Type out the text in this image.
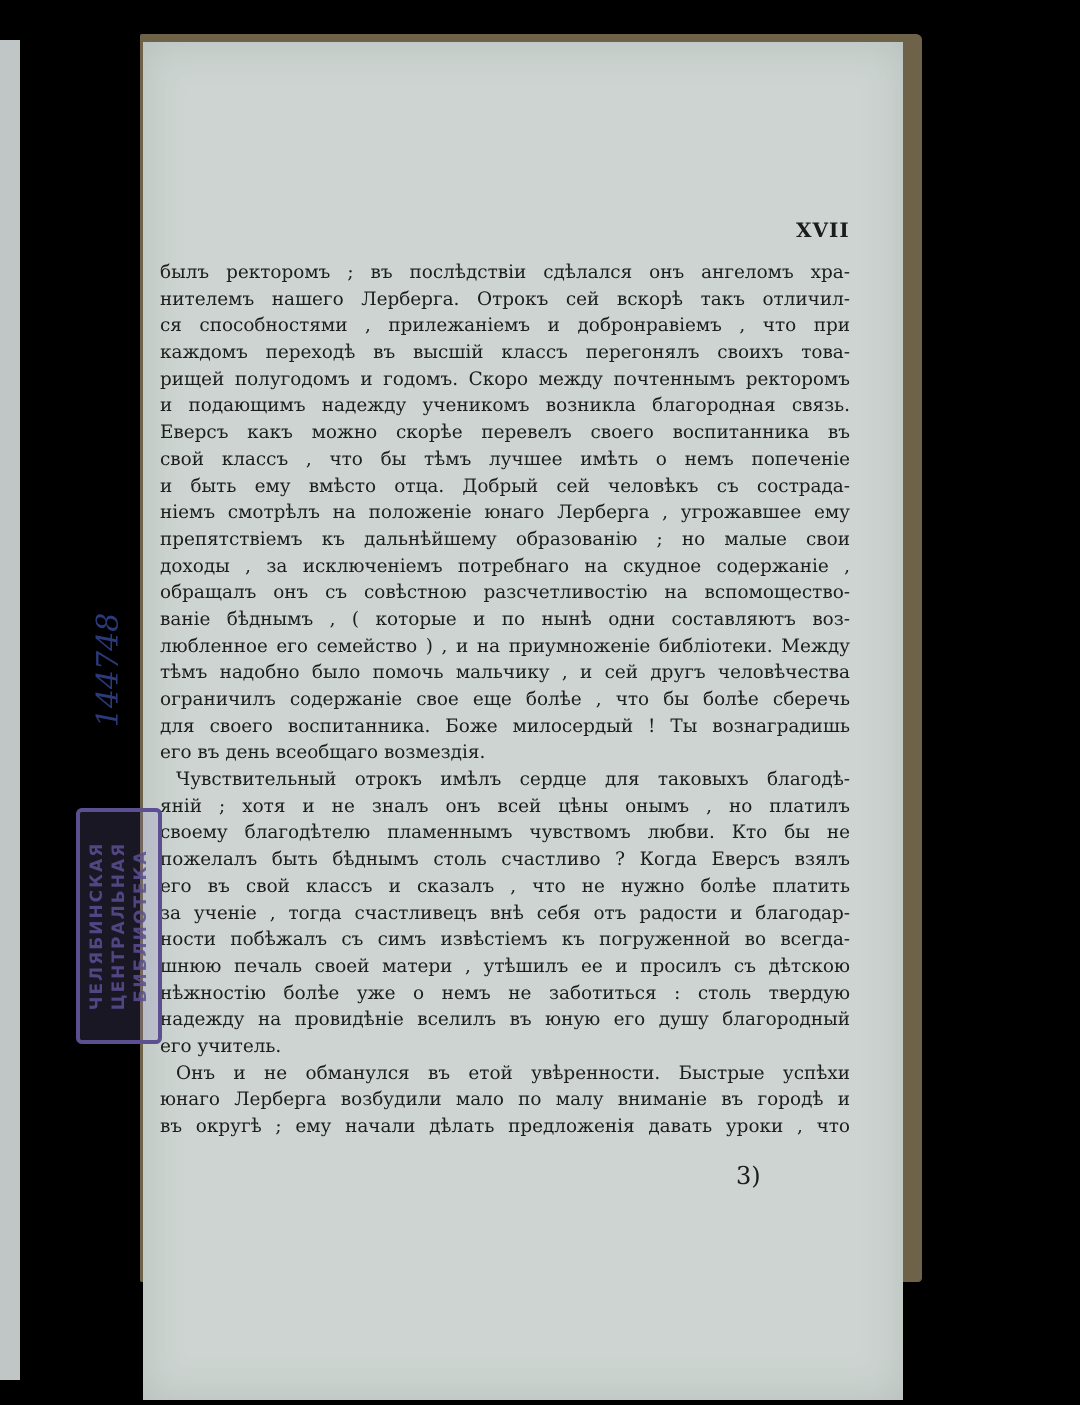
XVII
былъ ректоромъ ; въ послѣдствіи сдѣлался онъ ангеломъ хра-
нителемъ нашего Лерберга. Отрокъ сей вскорѣ такъ отличил-
ся способностями , прилежаніемъ и добронравіемъ , что при
каждомъ переходѣ въ высшій классъ перегонялъ своихъ това-
рищей полугодомъ и годомъ. Скоро между почтеннымъ ректоромъ
и подающимъ надежду ученикомъ возникла благородная связь.
Еверсъ какъ можно скорѣе перевелъ своего воспитанника въ
свой классъ , что бы тѣмъ лучшее имѣть о немъ попеченіе
и быть ему вмѣсто отца. Добрый сей человѣкъ съ сострада-
ніемъ смотрѣлъ на положеніе юнаго Лерберга , угрожавшее ему
препятствіемъ къ дальнѣйшему образованію ; но малые свои
доходы , за исключеніемъ потребнаго на скудное содержаніе ,
обращалъ онъ съ совѣстною разсчетливостію на вспомоществo-
ваніе бѣднымъ , ( которые и по нынѣ одни составляютъ воз-
любленное его семейство ) , и на приумноженіе библіотеки. Между
тѣмъ надобно было помочь мальчику , и сей другъ человѣчества
ограничилъ содержаніе свое еще болѣе , что бы болѣе сберечь
для своего воспитанника. Боже милосердый ! Ты вознаградишь
его въ день всеобщаго возмездія.
Чувствительный отрокъ имѣлъ сердце для таковыхъ благодѣ-
яній ; хотя и не зналъ онъ всей цѣны онымъ , но платилъ
своему благодѣтелю пламеннымъ чувствомъ любви. Кто бы не
пожелалъ быть бѣднымъ столь счастливо ? Когда Еверсъ взялъ
его въ свой классъ и сказалъ , что не нужно болѣе платить
за ученіе , тогда счастливецъ внѣ себя отъ радости и благодар-
ности побѣжалъ съ симъ извѣстіемъ къ погруженной во всегда-
шнюю печаль своей матери , утѣшилъ ее и просилъ съ дѣтскою
нѣжностію болѣе уже о немъ не заботиться : столь твердую
надежду на провидѣніе вселилъ въ юную его душу благородный
его учитель.
Онъ и не обманулся въ етой увѣренности. Быстрые успѣхи
юнаго Лерберга возбудили мало по малу вниманіе въ городѣ и
въ округѣ ; ему начали дѣлать предложенія давать уроки , что
3)
144748
ЧЕЛЯБИНСКАЯ ЦЕНТРАЛЬНАЯ БИБЛИОТЕКА
